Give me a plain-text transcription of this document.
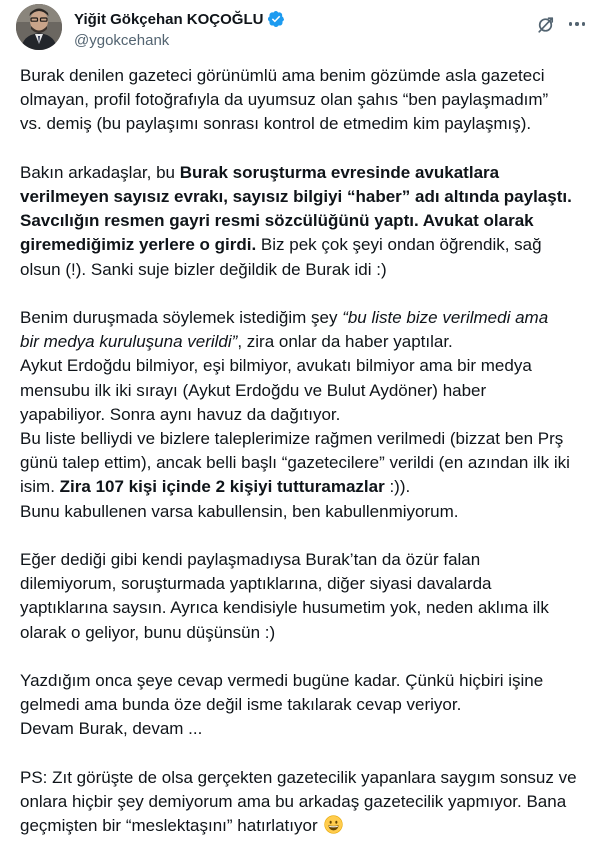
Yiğit Gökçehan KOÇOĞLU
@ygokcehank
Burak denilen gazeteci görünümlü ama benim gözümde asla gazeteci
olmayan, profil fotoğrafıyla da uyumsuz olan şahıs “ben paylaşmadım”
vs. demiş (bu paylaşımı sonrası kontrol de etmedim kim paylaşmış).
Bakın arkadaşlar, bu Burak soruşturma evresinde avukatlara
verilmeyen sayısız evrakı, sayısız bilgiyi “haber” adı altında paylaştı.
Savcılığın resmen gayri resmi sözcülüğünü yaptı. Avukat olarak
giremediğimiz yerlere o girdi. Biz pek çok şeyi ondan öğrendik, sağ
olsun (!). Sanki suje bizler değildik de Burak idi :)
Benim duruşmada söylemek istediğim şey “bu liste bize verilmedi ama
bir medya kuruluşuna verildi”, zira onlar da haber yaptılar.
Aykut Erdoğdu bilmiyor, eşi bilmiyor, avukatı bilmiyor ama bir medya
mensubu ilk iki sırayı (Aykut Erdoğdu ve Bulut Aydöner) haber
yapabiliyor. Sonra aynı havuz da dağıtıyor.
Bu liste belliydi ve bizlere taleplerimize rağmen verilmedi (bizzat ben Prş
günü talep ettim), ancak belli başlı “gazetecilere” verildi (en azından ilk iki
isim. Zira 107 kişi içinde 2 kişiyi tutturamazlar :)).
Bunu kabullenen varsa kabullensin, ben kabullenmiyorum.
Eğer dediği gibi kendi paylaşmadıysa Burak’tan da özür falan
dilemiyorum, soruşturmada yaptıklarına, diğer siyasi davalarda
yaptıklarına saysın. Ayrıca kendisiyle husumetim yok, neden aklıma ilk
olarak o geliyor, bunu düşünsün :)
Yazdığım onca şeye cevap vermedi bugüne kadar. Çünkü hiçbiri işine
gelmedi ama bunda öze değil isme takılarak cevap veriyor.
Devam Burak, devam ...
PS: Zıt görüşte de olsa gerçekten gazetecilik yapanlara saygım sonsuz ve
onlara hiçbir şey demiyorum ama bu arkadaş gazetecilik yapmıyor. Bana
geçmişten bir “meslektaşını” hatırlatıyor
